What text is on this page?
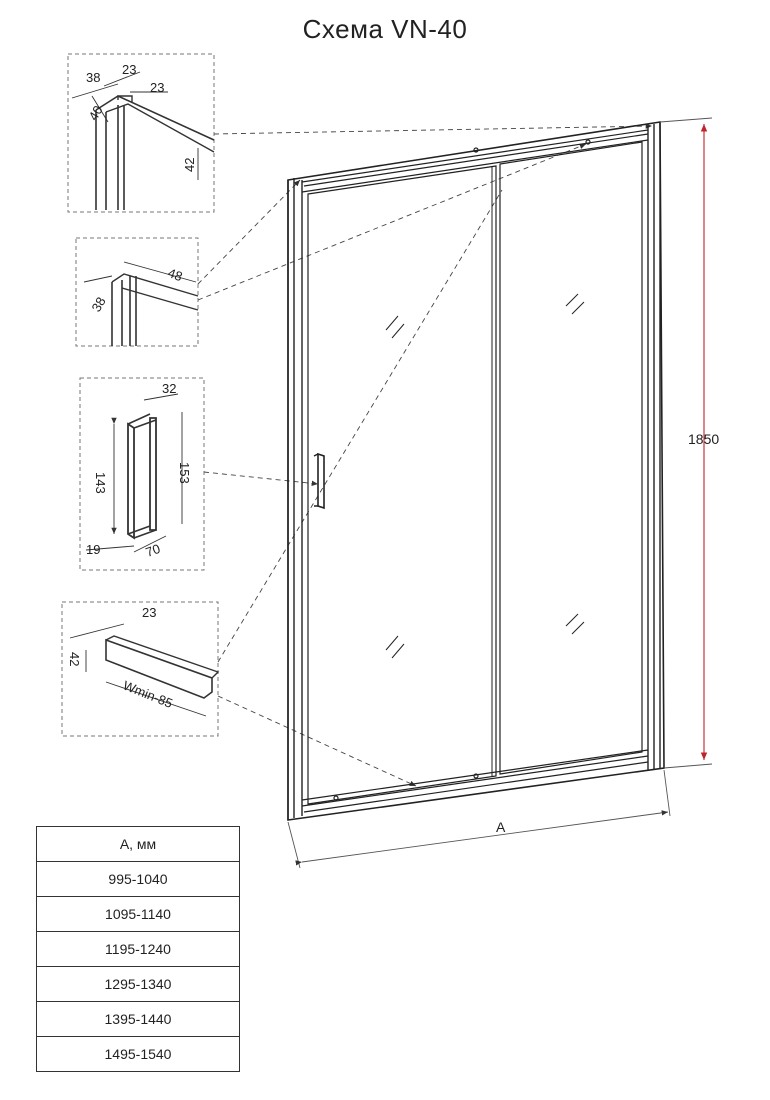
Схема VN-40
38
23
23
40
42
48
38
32
143	153
19	70
23
42
Wmin-85
1850
A
А, мм
995-1040
1095-1140
1195-1240
1295-1340
1395-1440
1495-1540
